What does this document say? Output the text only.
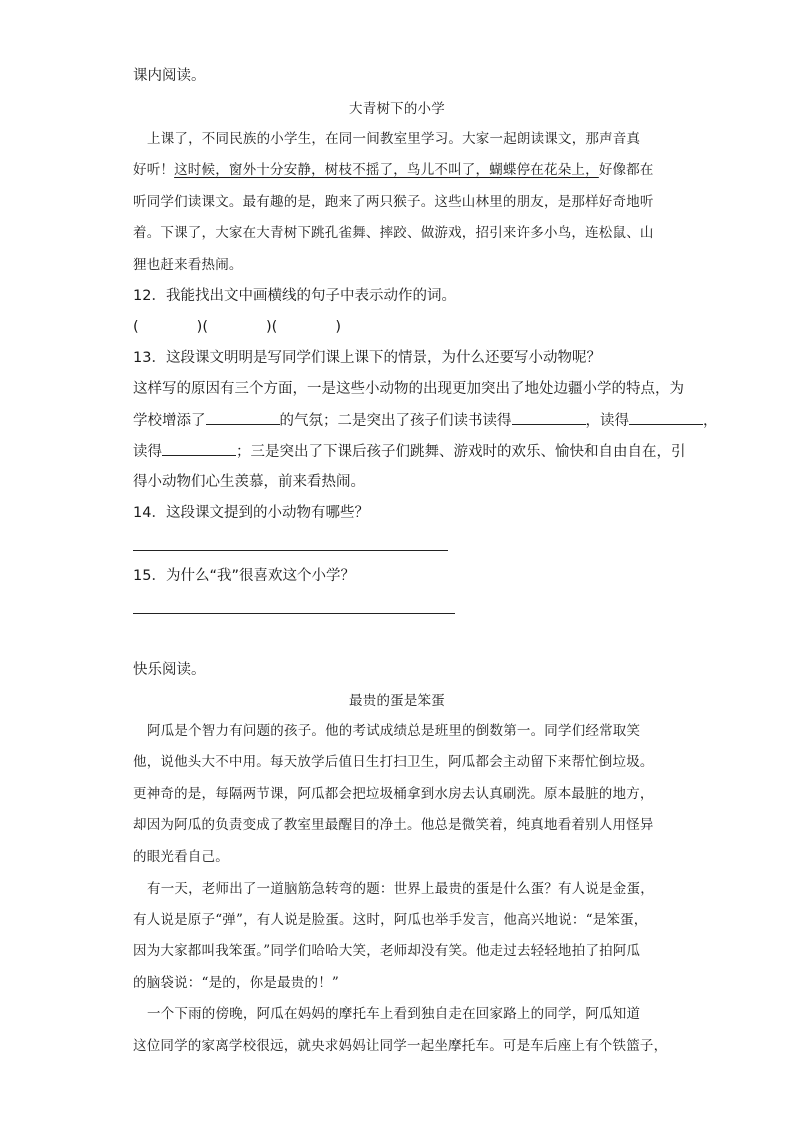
课内阅读。
大青树下的小学
上课了，不同民族的小学生，在同一间教室里学习。大家一起朗读课文，那声音真
好听！这时候，窗外十分安静，树枝不摇了，鸟儿不叫了，蝴蝶停在花朵上，好像都在
听同学们读课文。最有趣的是，跑来了两只猴子。这些山林里的朋友，是那样好奇地听
着。下课了，大家在大青树下跳孔雀舞、摔跤、做游戏，招引来许多小鸟，连松鼠、山
狸也赶来看热闹。
12．我能找出文中画横线的句子中表示动作的词。
(	)(	)(	)
13．这段课文明明是写同学们课上课下的情景，为什么还要写小动物呢？
这样写的原因有三个方面，一是这些小动物的出现更加突出了地处边疆小学的特点，为
学校增添了	的气氛；二是突出了孩子们读书读得	，读得	，
读得	；三是突出了下课后孩子们跳舞、游戏时的欢乐、愉快和自由自在，引
得小动物们心生羡慕，前来看热闹。
14．这段课文提到的小动物有哪些？
15．为什么“我”很喜欢这个小学？
快乐阅读。
最贵的蛋是笨蛋
阿瓜是个智力有问题的孩子。他的考试成绩总是班里的倒数第一。同学们经常取笑
他，说他头大不中用。每天放学后值日生打扫卫生，阿瓜都会主动留下来帮忙倒垃圾。
更神奇的是，每隔两节课，阿瓜都会把垃圾桶拿到水房去认真刷洗。原本最脏的地方，
却因为阿瓜的负责变成了教室里最醒目的净土。他总是微笑着，纯真地看着别人用怪异
的眼光看自己。
有一天，老师出了一道脑筋急转弯的题：世界上最贵的蛋是什么蛋？有人说是金蛋，
有人说是原子“弹”，有人说是脸蛋。这时，阿瓜也举手发言，他高兴地说：“是笨蛋，
因为大家都叫我笨蛋。”同学们哈哈大笑，老师却没有笑。他走过去轻轻地拍了拍阿瓜
的脑袋说：“是的，你是最贵的！”
一个下雨的傍晚，阿瓜在妈妈的摩托车上看到独自走在回家路上的同学，阿瓜知道
这位同学的家离学校很远，就央求妈妈让同学一起坐摩托车。可是车后座上有个铁篮子，
